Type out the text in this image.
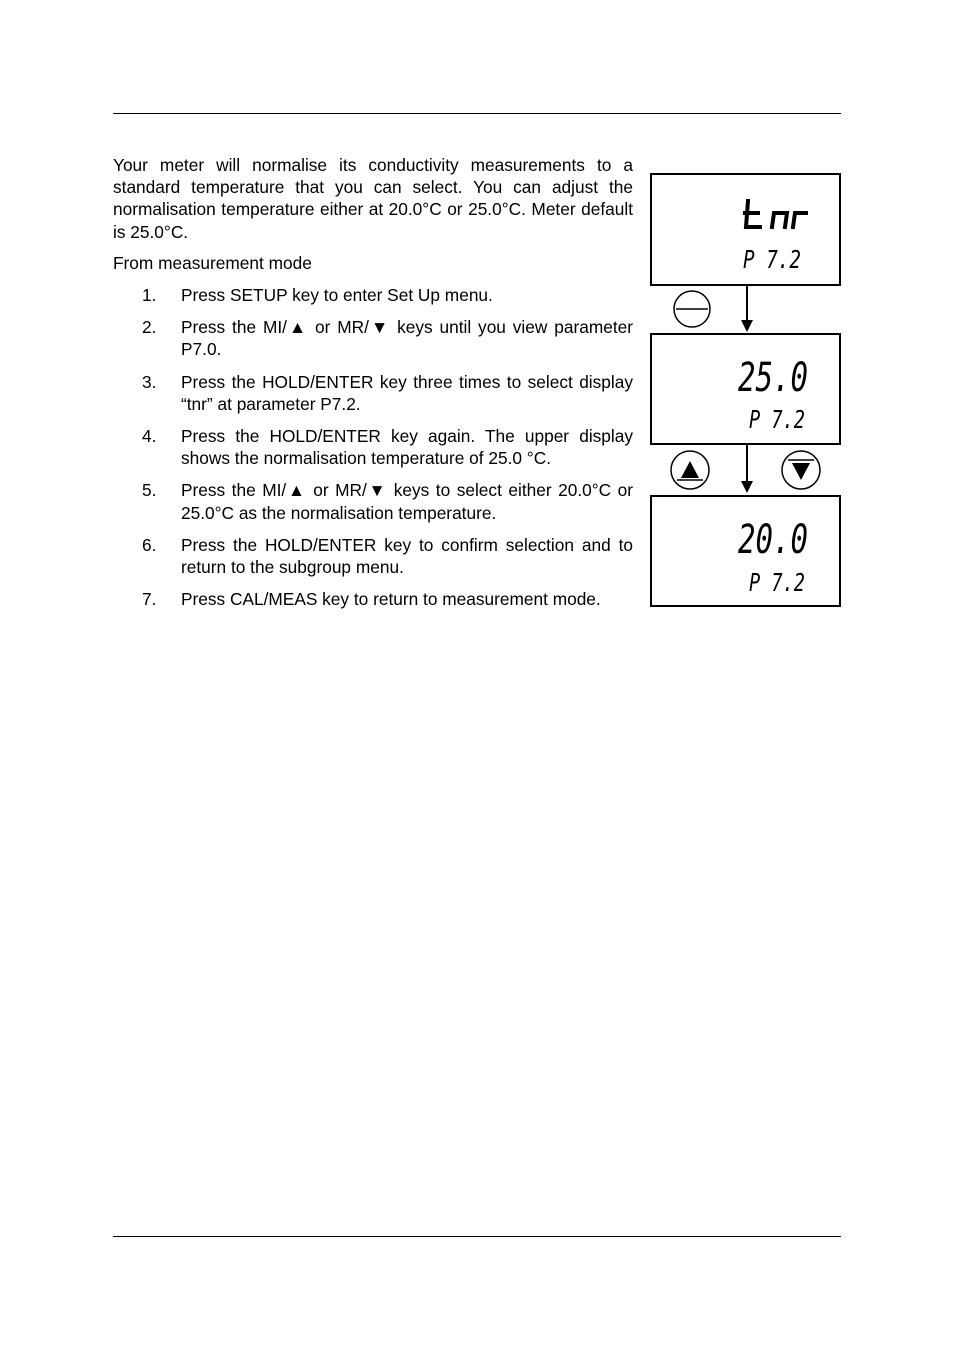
Your meter will normalise its conductivity measurements to a standard temperature that you can select. You can adjust the normalisation temperature either at 20.0°C or 25.0°C. Meter default is 25.0°C.

From measurement mode

1.	Press SETUP key to enter Set Up menu.
2.	Press the MI/▲ or MR/▼ keys until you view parameter P7.0.
3.	Press the HOLD/ENTER key three times to select display “tnr” at parameter P7.2.
4.	Press the HOLD/ENTER key again. The upper display shows the normalisation temperature of 25.0 °C.
5.	Press the MI/▲ or MR/▼ keys to select either 20.0°C or 25.0°C as the normalisation temperature.
6.	Press the HOLD/ENTER key to confirm selection and to return to the subgroup menu.
7.	Press CAL/MEAS key to return to measurement mode.
P 7.2
25.0
P 7.2
20.0
P 7.2
